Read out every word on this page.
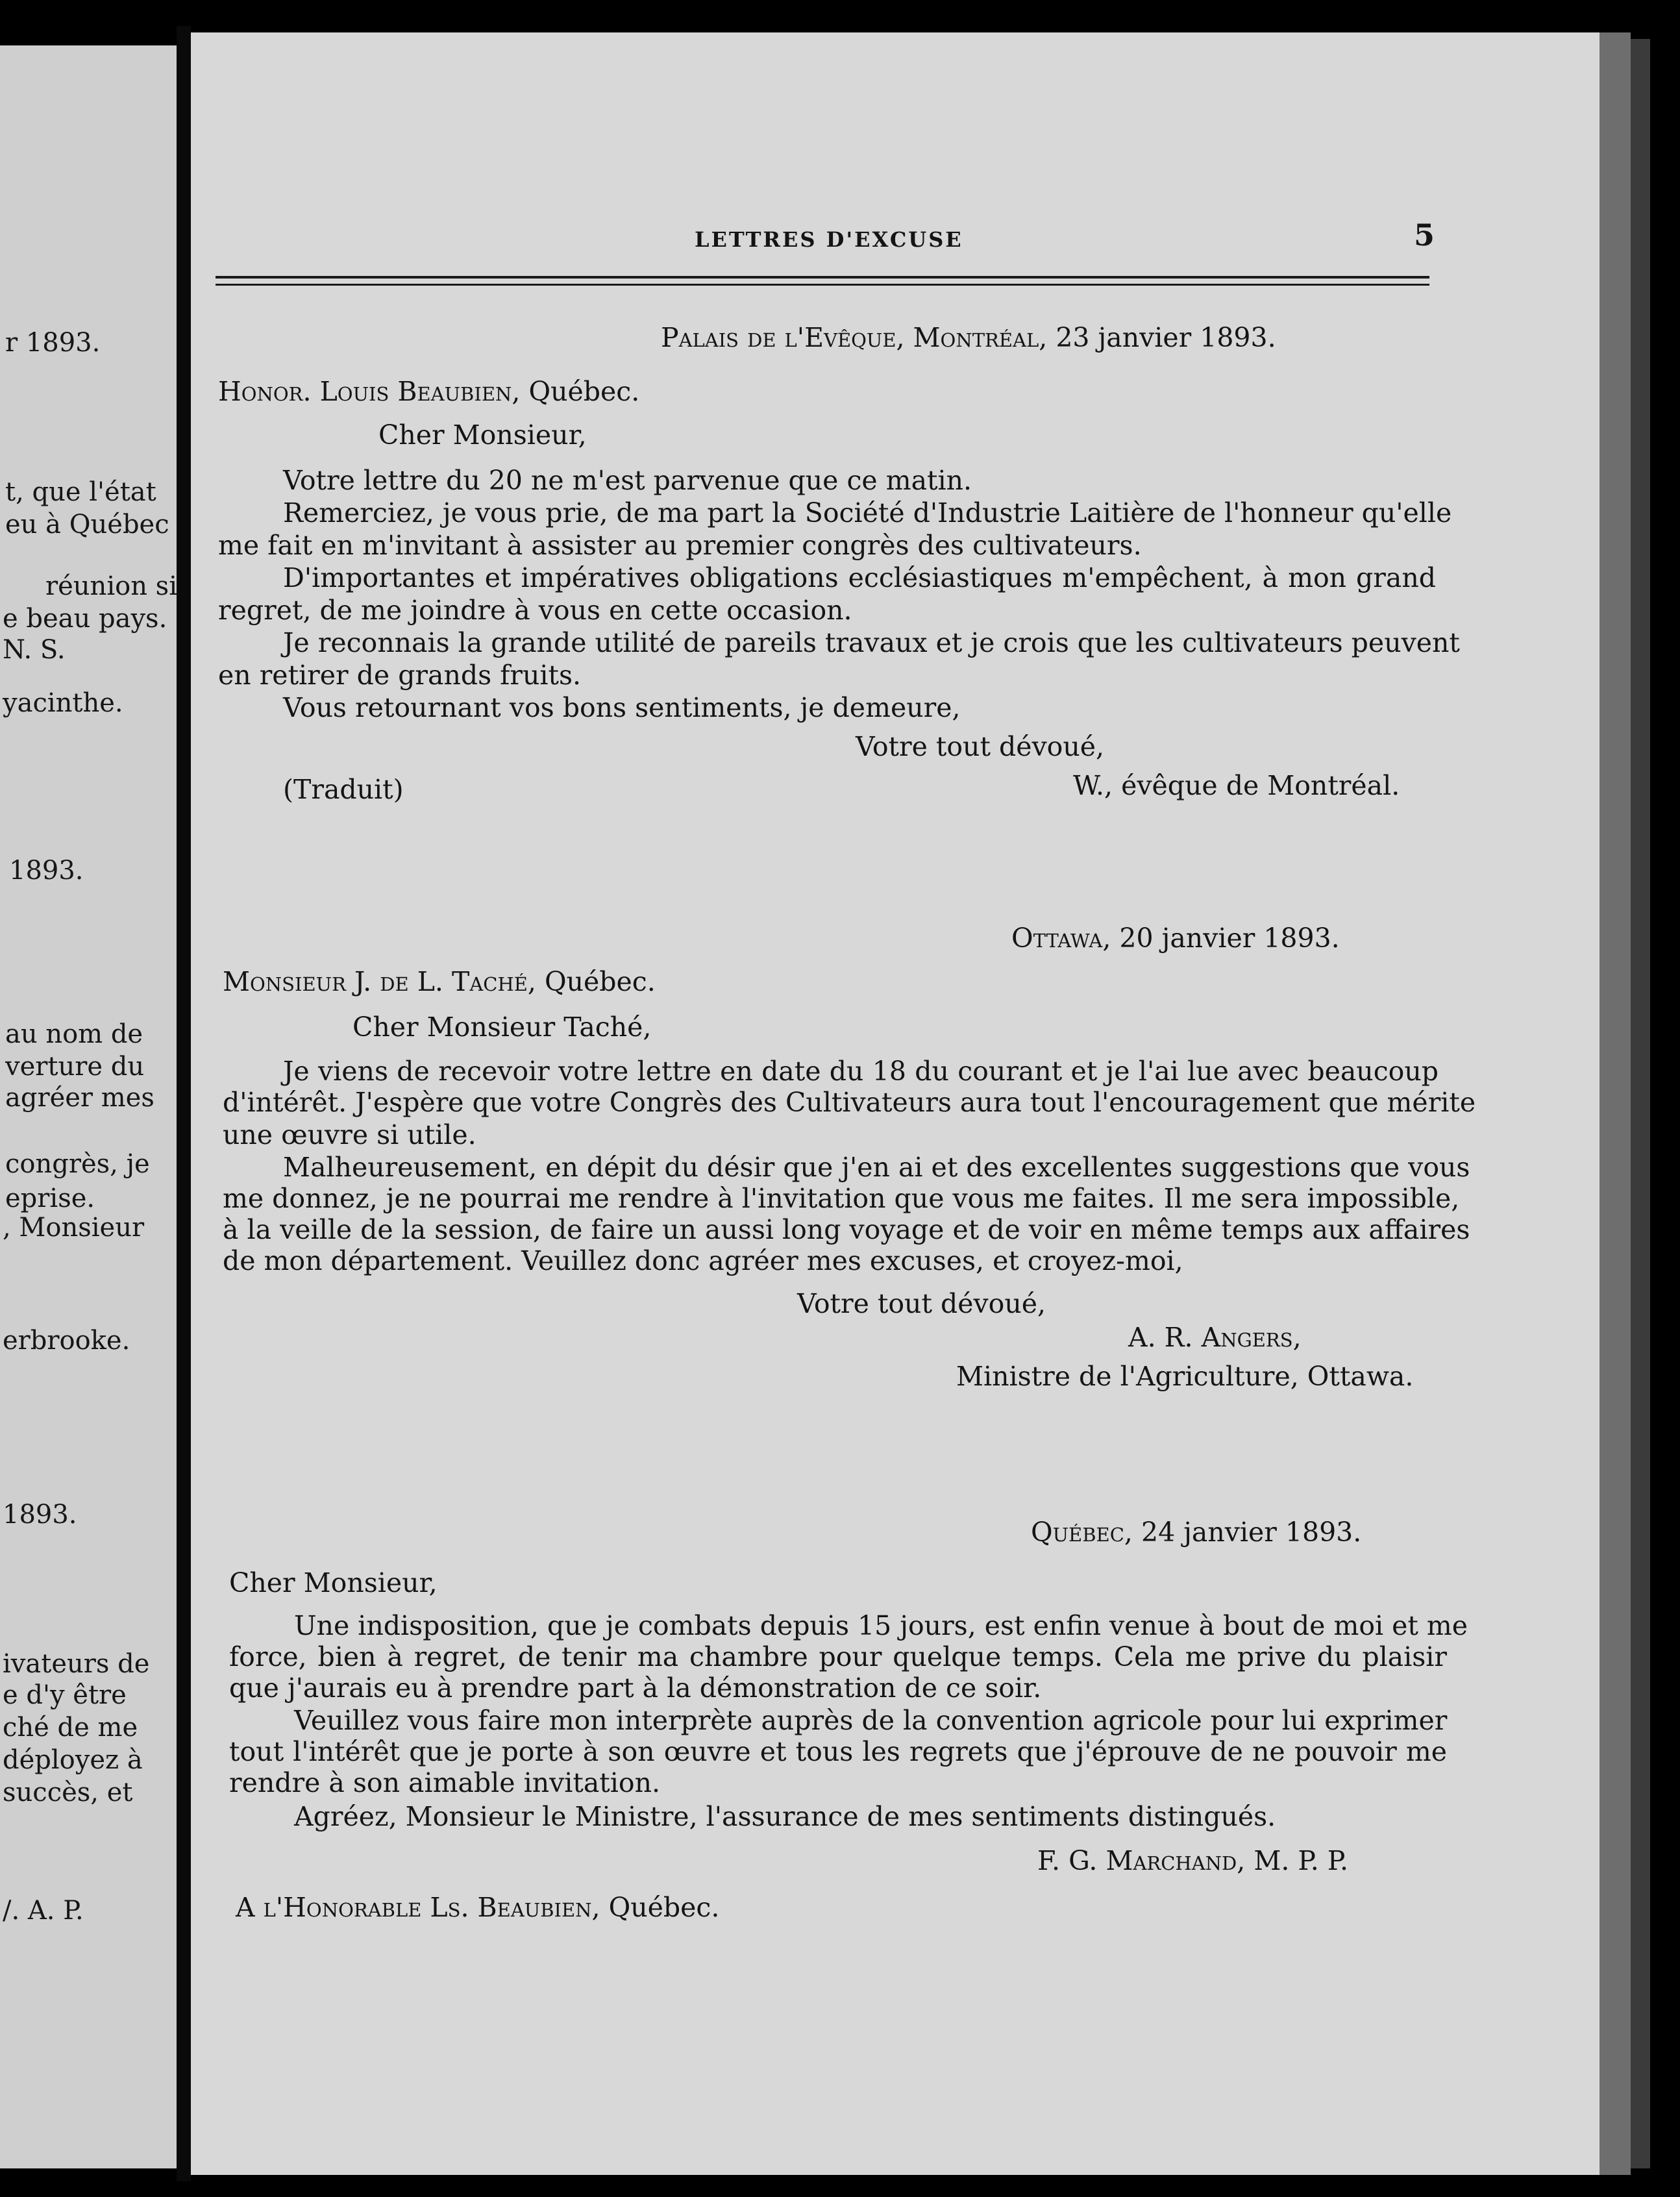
r 1893.
t, que l'état
eu à Québec
réunion si
e beau pays.
N. S.
yacinthe.
1893.
au nom de
verture du
agréer mes
congrès, je
eprise.
, Monsieur
erbrooke.
1893.
ivateurs de
e d'y être
ché de me
déployez à
succès, et
/. A. P.
LETTRES D'EXCUSE	5
Palais de l'Evêque, Montréal, 23 janvier 1893.
Honor. Louis Beaubien, Québec.
Cher Monsieur,
Votre lettre du 20 ne m'est parvenue que ce matin.
Remerciez, je vous prie, de ma part la Société d'Industrie Laitière de l'honneur qu'elle
me fait en m'invitant à assister au premier congrès des cultivateurs.
D'importantes et impératives obligations ecclésiastiques m'empêchent, à mon grand
regret, de me joindre à vous en cette occasion.
Je reconnais la grande utilité de pareils travaux et je crois que les cultivateurs peuvent
en retirer de grands fruits.
Vous retournant vos bons sentiments, je demeure,
Votre tout dévoué,
(Traduit)	W., évêque de Montréal.
Ottawa, 20 janvier 1893.
Monsieur J. de L. Taché, Québec.
Cher Monsieur Taché,
Je viens de recevoir votre lettre en date du 18 du courant et je l'ai lue avec beaucoup
d'intérêt. J'espère que votre Congrès des Cultivateurs aura tout l'encouragement que mérite
une œuvre si utile.
Malheureusement, en dépit du désir que j'en ai et des excellentes suggestions que vous
me donnez, je ne pourrai me rendre à l'invitation que vous me faites. Il me sera impossible,
à la veille de la session, de faire un aussi long voyage et de voir en même temps aux affaires
de mon département. Veuillez donc agréer mes excuses, et croyez-moi,
Votre tout dévoué,
A. R. Angers,
Ministre de l'Agriculture, Ottawa.
Québec, 24 janvier 1893.
Cher Monsieur,
Une indisposition, que je combats depuis 15 jours, est enfin venue à bout de moi et me
force, bien à regret, de tenir ma chambre pour quelque temps. Cela me prive du plaisir
que j'aurais eu à prendre part à la démonstration de ce soir.
Veuillez vous faire mon interprète auprès de la convention agricole pour lui exprimer
tout l'intérêt que je porte à son œuvre et tous les regrets que j'éprouve de ne pouvoir me
rendre à son aimable invitation.
Agréez, Monsieur le Ministre, l'assurance de mes sentiments distingués.
F. G. Marchand, M. P. P.
A l'Honorable Ls. Beaubien, Québec.
